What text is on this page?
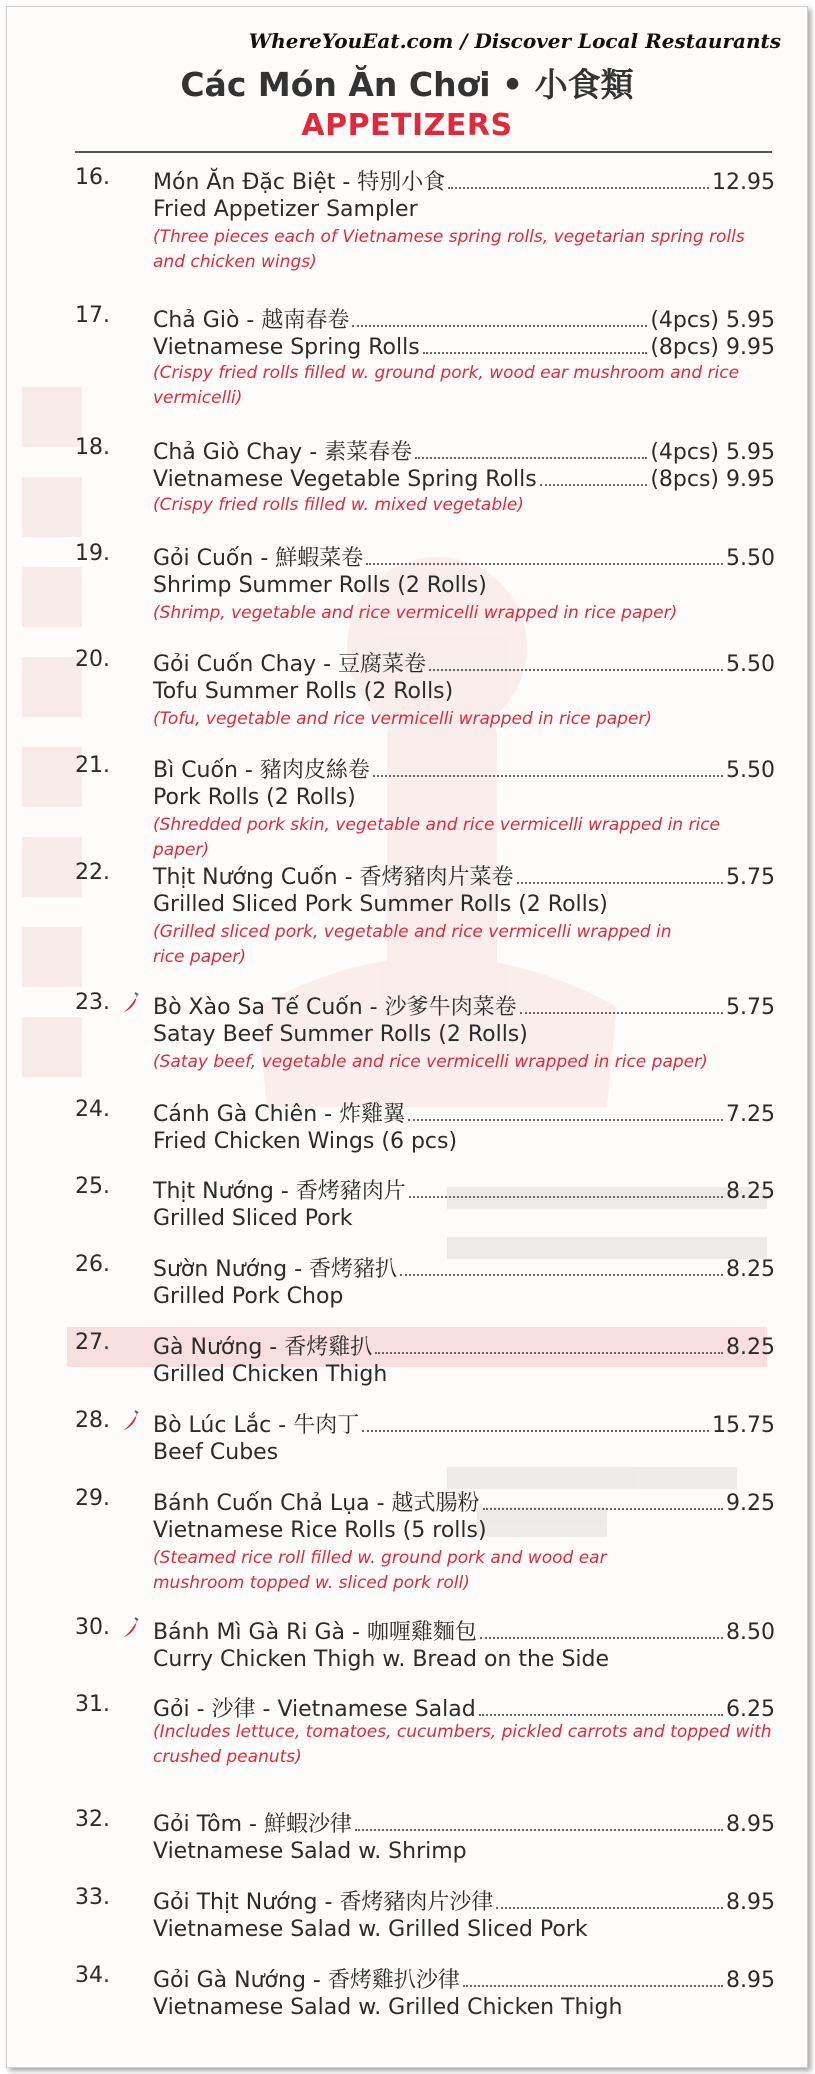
WhereYouEat.com / Discover Local Restaurants
Các Món Ăn Chơi • 小食類
APPETIZERS
16.	Món Ăn Đặc Biệt - 特別小食	12.95
Fried Appetizer Sampler
(Three pieces each of Vietnamese spring rolls, vegetarian spring rolls and chicken wings)
17.	Chả Giò - 越南春卷	(4pcs) 5.95
Vietnamese Spring Rolls	(8pcs) 9.95
(Crispy fried rolls filled w. ground pork, wood ear mushroom and rice vermicelli)
18.	Chả Giò Chay - 素菜春卷	(4pcs) 5.95
Vietnamese Vegetable Spring Rolls	(8pcs) 9.95
(Crispy fried rolls filled w. mixed vegetable)
19.	Gỏi Cuốn - 鮮蝦菜卷	5.50
Shrimp Summer Rolls (2 Rolls)
(Shrimp, vegetable and rice vermicelli wrapped in rice paper)
20.	Gỏi Cuốn Chay - 豆腐菜卷	5.50
Tofu Summer Rolls (2 Rolls)
(Tofu, vegetable and rice vermicelli wrapped in rice paper)
21.	Bì Cuốn - 豬肉皮絲卷	5.50
Pork Rolls (2 Rolls)
(Shredded pork skin, vegetable and rice vermicelli wrapped in rice paper)
22.	Thịt Nướng Cuốn - 香烤豬肉片菜卷	5.75
Grilled Sliced Pork Summer Rolls (2 Rolls)
(Grilled sliced pork, vegetable and rice vermicelli wrapped in rice paper)
23.	Bò Xào Sa Tế Cuốn - 沙爹牛肉菜卷	5.75
Satay Beef Summer Rolls (2 Rolls)
(Satay beef, vegetable and rice vermicelli wrapped in rice paper)
24.	Cánh Gà Chiên - 炸雞翼	7.25
Fried Chicken Wings (6 pcs)
25.	Thịt Nướng - 香烤豬肉片	8.25
Grilled Sliced Pork
26.	Sườn Nướng - 香烤豬扒	8.25
Grilled Pork Chop
27.	Gà Nướng - 香烤雞扒	8.25
Grilled Chicken Thigh
28.	Bò Lúc Lắc - 牛肉丁	15.75
Beef Cubes
29.	Bánh Cuốn Chả Lụa - 越式腸粉	9.25
Vietnamese Rice Rolls (5 rolls)
(Steamed rice roll filled w. ground pork and wood ear mushroom topped w. sliced pork roll)
30.	Bánh Mì Gà Ri Gà - 咖喱雞麵包	8.50
Curry Chicken Thigh w. Bread on the Side
31.	Gỏi - 沙律 - Vietnamese Salad	6.25
(Includes lettuce, tomatoes, cucumbers, pickled carrots and topped with crushed peanuts)
32.	Gỏi Tôm - 鮮蝦沙律	8.95
Vietnamese Salad w. Shrimp
33.	Gỏi Thịt Nướng - 香烤豬肉片沙律	8.95
Vietnamese Salad w. Grilled Sliced Pork
34.	Gỏi Gà Nướng - 香烤雞扒沙律	8.95
Vietnamese Salad w. Grilled Chicken Thigh
